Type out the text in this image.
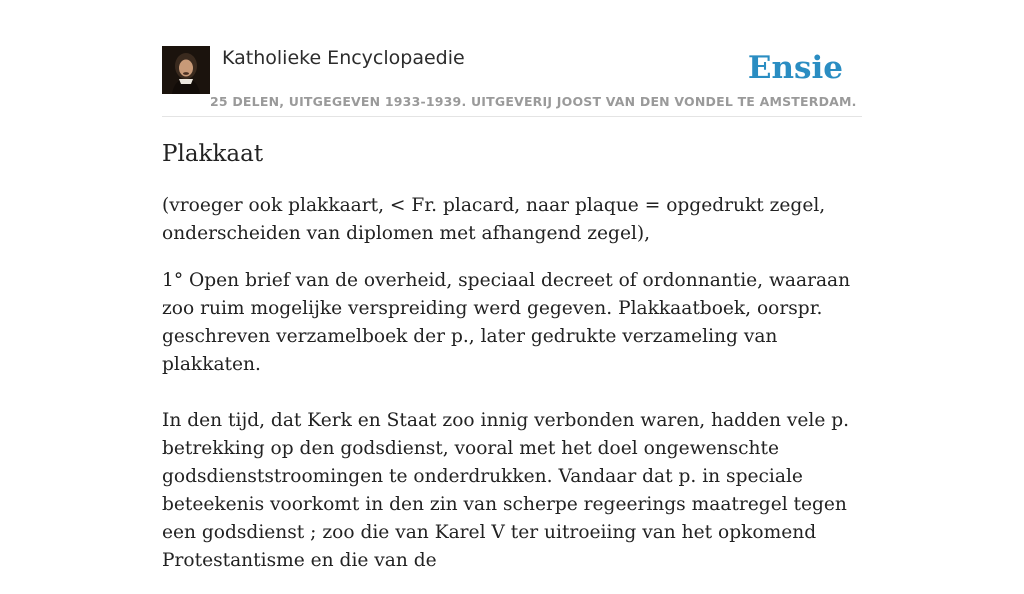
Katholieke Encyclopaedie
25 DELEN, UITGEGEVEN 1933-1939. UITGEVERIJ JOOST VAN DEN VONDEL TE AMSTERDAM.
Ensie
Plakkaat

(vroeger ook plakkaart, < Fr. placard, naar plaque = opgedrukt zegel, onderscheiden van diplomen met afhangend zegel),

1° Open brief van de overheid, speciaal decreet of ordonnantie, waaraan zoo ruim mogelijke verspreiding werd gegeven. Plakkaatboek, oorspr. geschreven verzamelboek der p., later gedrukte verzameling van plakkaten.

In den tijd, dat Kerk en Staat zoo innig verbonden waren, hadden vele p. betrekking op den godsdienst, vooral met het doel ongewenschte godsdienststroomingen te onderdrukken. Vandaar dat p. in speciale beteekenis voorkomt in den zin van scherpe regeerings maatregel tegen een godsdienst ; zoo die van Karel V ter uitroeiing van het opkomend Protestantisme en die van de
